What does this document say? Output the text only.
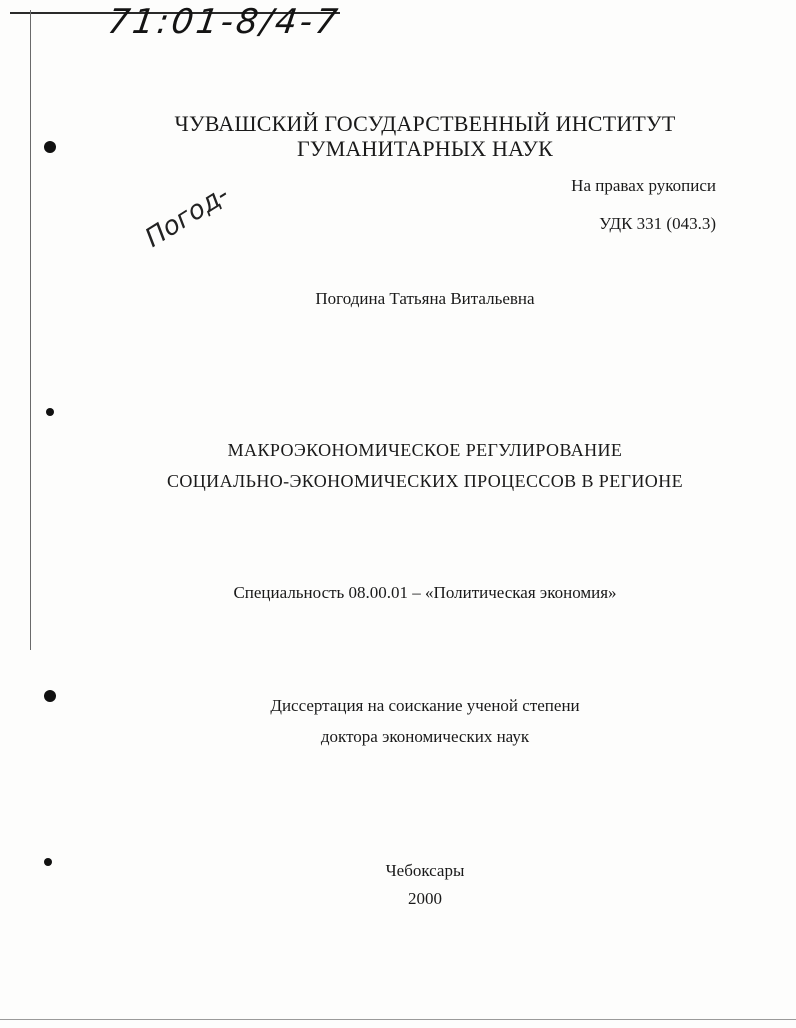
71:01-8/4-7
Погод-
ЧУВАШСКИЙ ГОСУДАРСТВЕННЫЙ ИНСТИТУТ
ГУМАНИТАРНЫХ НАУК
На правах рукописи
УДК 331 (043.3)
Погодина Татьяна Витальевна
МАКРОЭКОНОМИЧЕСКОЕ РЕГУЛИРОВАНИЕ
СОЦИАЛЬНО-ЭКОНОМИЧЕСКИХ ПРОЦЕССОВ В РЕГИОНЕ
Специальность 08.00.01 – «Политическая экономия»
Диссертация на соискание ученой степени
доктора экономических наук
Чебоксары
2000
